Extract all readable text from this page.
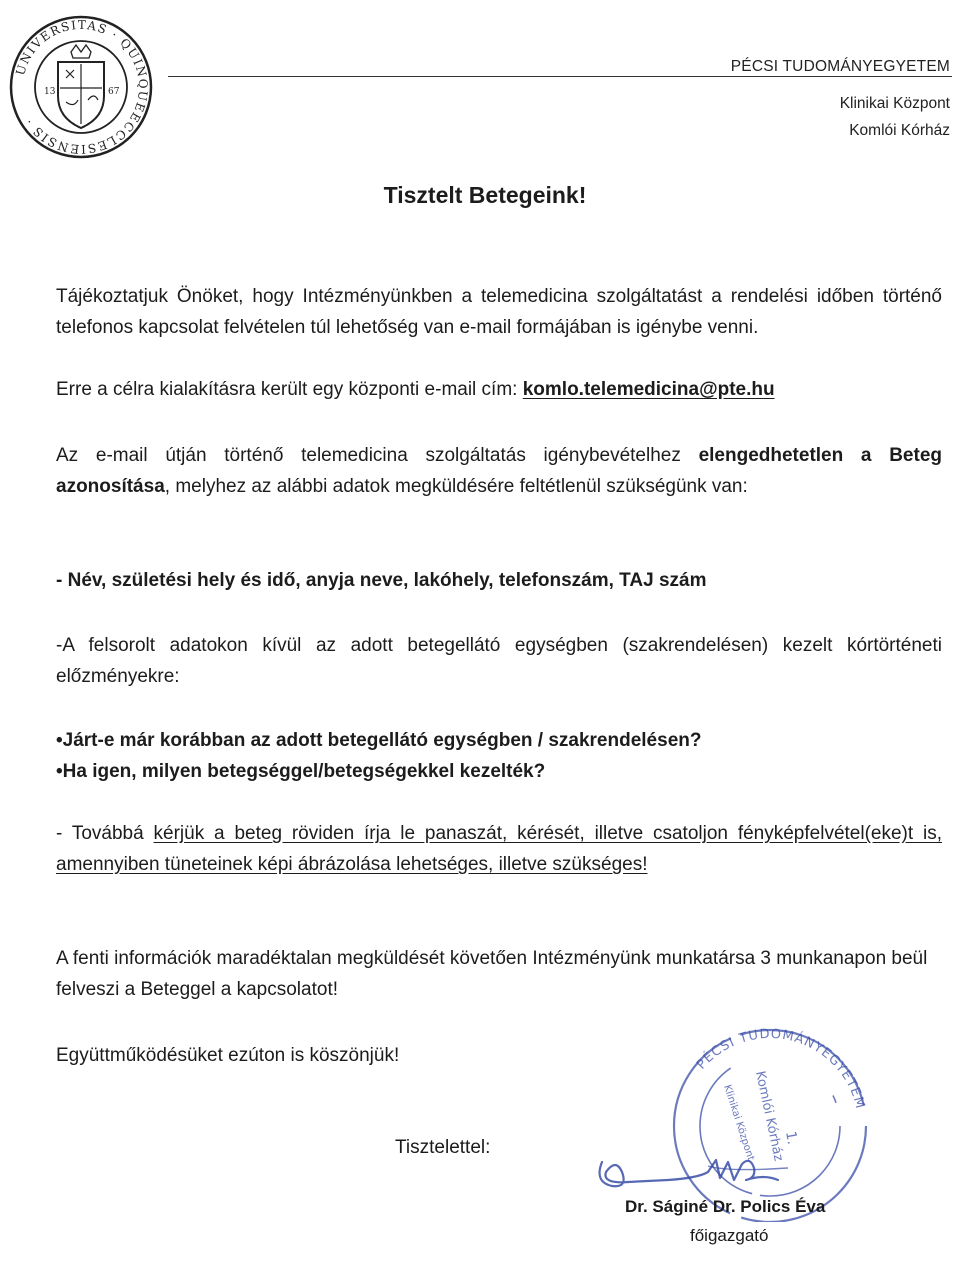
UNIVERSITAS · QUINQUEECCLESIENSIS ·
13	67
PÉCSI TUDOMÁNYEGYETEM
Klinikai Központ
Komlói Kórház
Tisztelt Betegeink!
Tájékoztatjuk Önöket, hogy Intézményünkben a telemedicina szolgáltatást a rendelési időben történő telefonos kapcsolat felvételen túl lehetőség van e-mail formájában is igénybe venni.
Erre a célra kialakításra került egy központi e-mail cím: komlo.telemedicina@pte.hu
Az e-mail útján történő telemedicina szolgáltatás igénybevételhez elengedhetetlen a Beteg azonosítása, melyhez az alábbi adatok megküldésére feltétlenül szükségünk van:
- Név, születési hely és idő, anyja neve, lakóhely, telefonszám, TAJ szám
-A felsorolt adatokon kívül az adott betegellátó egységben (szakrendelésen) kezelt kórtörténeti előzményekre:
•Járt-e már korábban az adott betegellátó egységben / szakrendelésen?
•Ha igen, milyen betegséggel/betegségekkel kezelték?
- Továbbá kérjük a beteg röviden írja le panaszát, kérését, illetve csatoljon fényképfelvétel(eke)t is, amennyiben tüneteinek képi ábrázolása lehetséges, illetve szükséges!
A fenti információk maradéktalan megküldését követően Intézményünk munkatársa 3 munkanapon beül felveszi a Beteggel a kapcsolatot!
Együttműködésüket ezúton is köszönjük!	PÉCSI TUDOMÁNYEGYETEM
Komlói Kórház
Klinikai Központ 1.
Tisztelettel:
Dr. Ságiné Dr. Polics Éva
főigazgató
